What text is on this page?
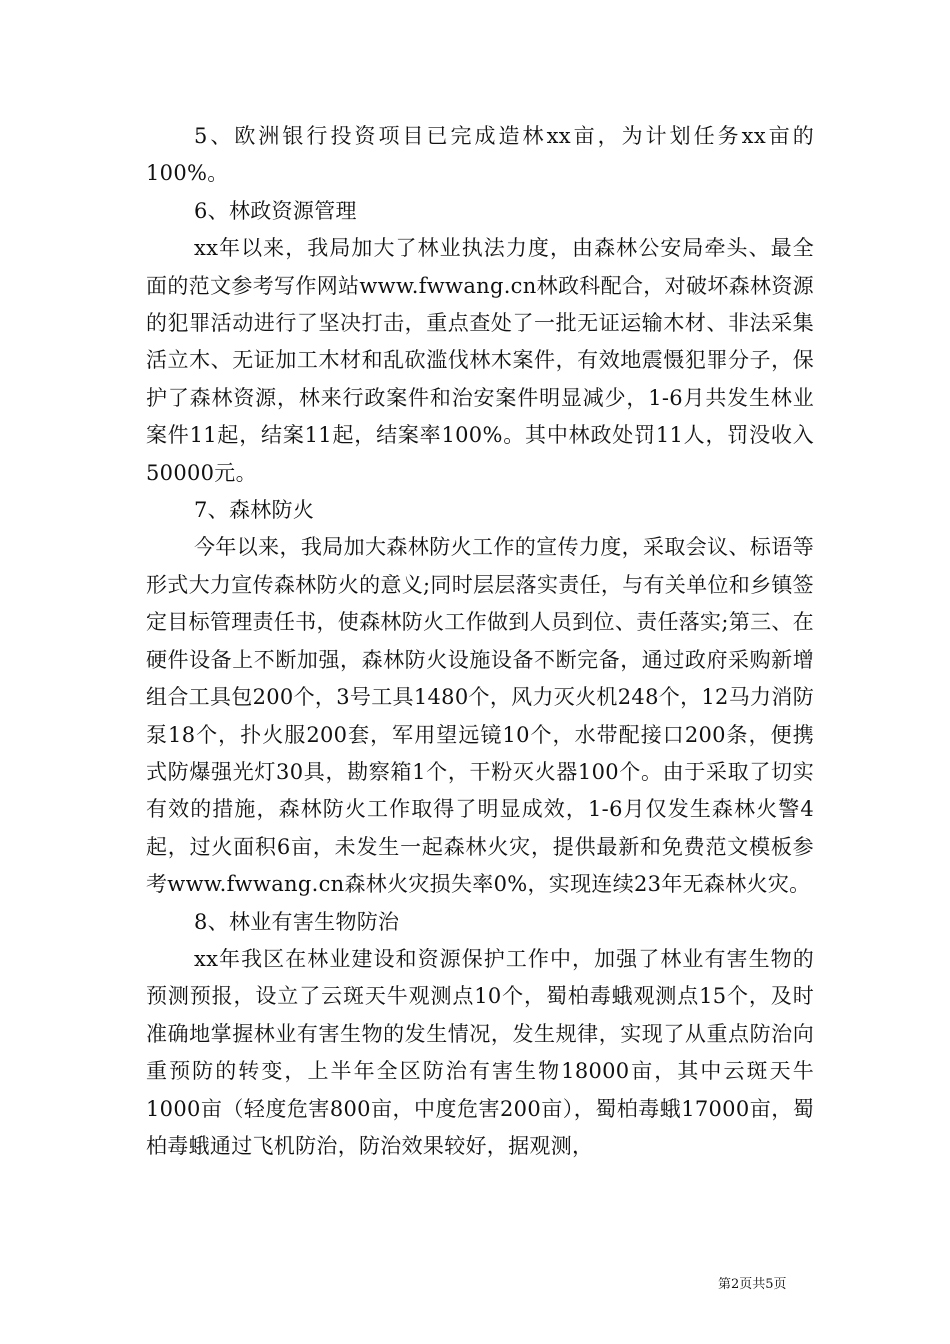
5、欧洲银行投资项目已完成造林xx亩，为计划任务xx亩的100%。

6、林政资源管理

xx年以来，我局加大了林业执法力度，由森林公安局牵头、最全面的范文参考写作网站www.fwwang.cn林政科配合，对破坏森林资源的犯罪活动进行了坚决打击，重点查处了一批无证运输木材、非法采集活立木、无证加工木材和乱砍滥伐林木案件，有效地震慑犯罪分子，保护了森林资源，林来行政案件和治安案件明显减少，1-6月共发生林业案件11起，结案11起，结案率100%。其中林政处罚11人，罚没收入50000元。

7、森林防火

今年以来，我局加大森林防火工作的宣传力度，采取会议、标语等形式大力宣传森林防火的意义;同时层层落实责任，与有关单位和乡镇签定目标管理责任书，使森林防火工作做到人员到位、责任落实;第三、在硬件设备上不断加强，森林防火设施设备不断完备，通过政府采购新增组合工具包200个，3号工具1480个，风力灭火机248个，12马力消防泵18个，扑火服200套，军用望远镜10个，水带配接口200条，便携式防爆强光灯30具，勘察箱1个，干粉灭火器100个。由于采取了切实有效的措施，森林防火工作取得了明显成效，1-6月仅发生森林火警4起，过火面积6亩，未发生一起森林火灾，提供最新和免费范文模板参考www.fwwang.cn森林火灾损失率0%，实现连续23年无森林火灾。

8、林业有害生物防治

xx年我区在林业建设和资源保护工作中，加强了林业有害生物的预测预报，设立了云斑天牛观测点10个，蜀柏毒蛾观测点15个，及时准确地掌握林业有害生物的发生情况，发生规律，实现了从重点防治向重预防的转变，上半年全区防治有害生物18000亩，其中云斑天牛1000亩（轻度危害800亩，中度危害200亩），蜀柏毒蛾17000亩，蜀柏毒蛾通过飞机防治，防治效果较好，据观测，

第2页共5页
